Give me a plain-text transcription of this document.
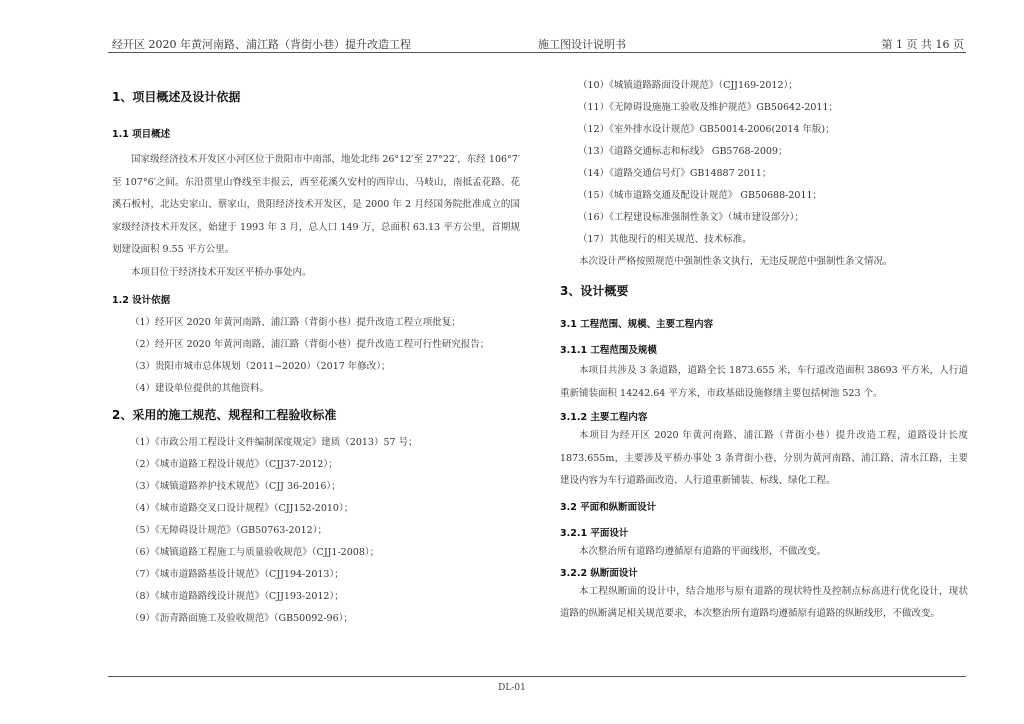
经开区 2020 年黄河南路、浦江路（背街小巷）提升改造工程	施工图设计说明书	第 1 页 共 16 页
1、项目概述及设计依据
1.1 项目概述

国家级经济技术开发区小河区位于贵阳市中南部，地处北纬 26°12′至 27°22′，东经 106°7′至 107°6′之间。东沿贯里山脊线至丰报云，西至花溪久安村的西岸山、马岐山，南抵孟花路、花溪石板村，北达史家山、蔡家山，贵阳经济技术开发区，是 2000 年 2 月经国务院批准成立的国家级经济技术开发区，始建于 1993 年 3 月，总人口 149 万，总面积 63.13 平方公里，首期规划建设面积 9.55 平方公里。

本项目位于经济技术开发区平桥办事处内。

1.2 设计依据

（1）经开区 2020 年黄河南路、浦江路（背街小巷）提升改造工程立项批复；

（2）经开区 2020 年黄河南路、浦江路（背街小巷）提升改造工程可行性研究报告；

（3）贵阳市城市总体规划（2011~2020）（2017 年修改）；

（4）建设单位提供的其他资料。

2、采用的施工规范、规程和工程验收标准

（1）《市政公用工程设计文件编制深度规定》建质（2013）57 号；

（2）《城市道路工程设计规范》（CJJ37-2012）；

（3）《城镇道路养护技术规范》（CJJ 36-2016）；

（4）《城市道路交叉口设计规程》（CJJ152-2010）；

（5）《无障碍设计规范》（GB50763-2012）；

（6）《城镇道路工程施工与质量验收规范》（CJJ1-2008）；

（7）《城市道路路基设计规范》（CJJ194-2013）；

（8）《城市道路路线设计规范》（CJJ193-2012）；

（9）《沥青路面施工及验收规范》（GB50092-96）；

（10）《城镇道路路面设计规范》（CJJ169-2012）；

（11）《无障碍设施施工验收及维护规范》GB50642-2011；

（12）《室外排水设计规范》GB50014-2006(2014 年版)；

（13）《道路交通标志和标线》 GB5768-2009；

（14）《道路交通信号灯》GB14887 2011；

（15）《城市道路交通及配设计规范》 GB50688-2011；

（16）《工程建设标准强制性条文》（城市建设部分）；

（17）其他现行的相关规范、技术标准。

本次设计严格按照规范中强制性条文执行，无违反规范中强制性条文情况。

3、设计概要
3.1 工程范围、规模、主要工程内容
3.1.1 工程范围及规模

本项目共涉及 3 条道路，道路全长 1873.655 米，车行道改造面积 38693 平方米，人行道重新铺装面积 14242.64 平方米，市政基础设施修缮主要包括树池 523 个。

3.1.2 主要工程内容

本项目为经开区 2020 年黄河南路、浦江路（背街小巷）提升改造工程，道路设计长度 1873.655m，主要涉及平桥办事处 3 条背街小巷，分别为黄河南路、浦江路、清水江路，主要建设内容为车行道路面改造、人行道重新铺装、标线、绿化工程。

3.2 平面和纵断面设计
3.2.1 平面设计

本次整治所有道路均遵循原有道路的平面线形，不做改变。

3.2.2 纵断面设计

本工程纵断面的设计中，结合地形与原有道路的现状特性及控制点标高进行优化设计，现状道路的纵断满足相关规范要求，本次整治所有道路均遵循原有道路的纵断线形，不做改变。

DL-01
